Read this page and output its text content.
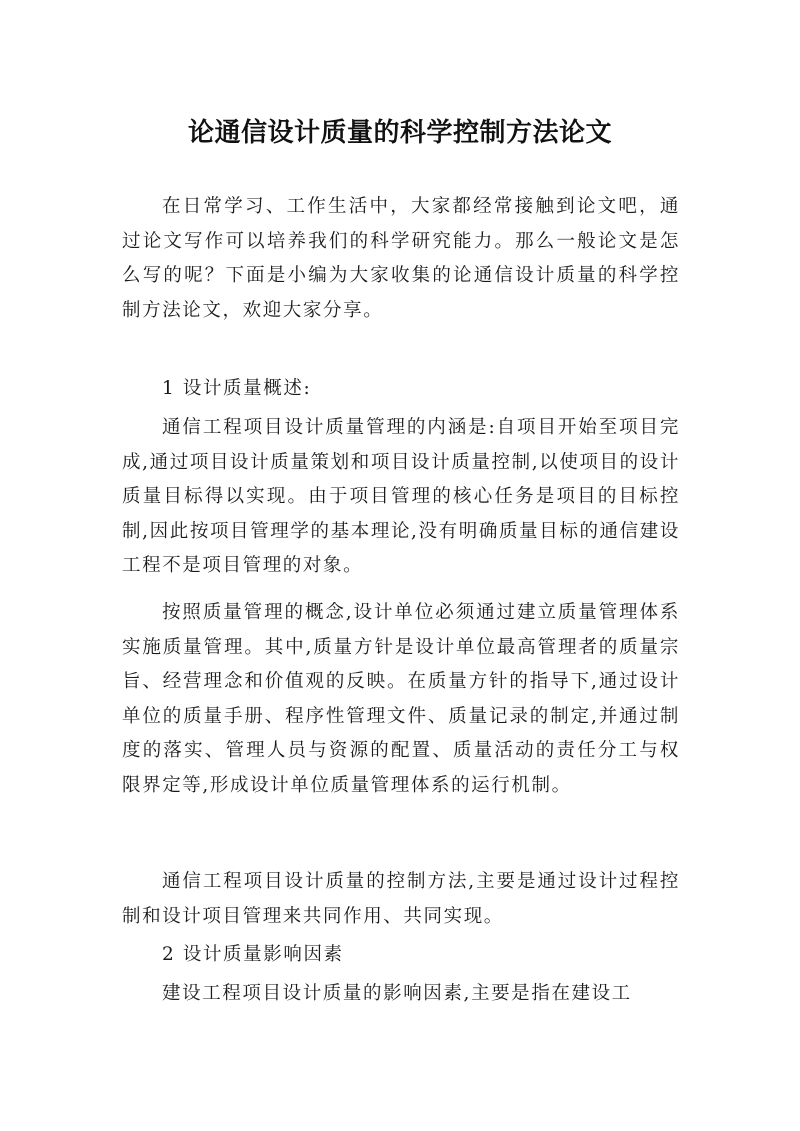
论通信设计质量的科学控制方法论文

在日常学习、工作生活中，大家都经常接触到论文吧，通过论文写作可以培养我们的科学研究能力。那么一般论文是怎么写的呢？下面是小编为大家收集的论通信设计质量的科学控制方法论文，欢迎大家分享。

1 设计质量概述:

通信工程项目设计质量管理的内涵是:自项目开始至项目完成,通过项目设计质量策划和项目设计质量控制,以使项目的设计质量目标得以实现。由于项目管理的核心任务是项目的目标控制,因此按项目管理学的基本理论,没有明确质量目标的通信建设工程不是项目管理的对象。

按照质量管理的概念,设计单位必须通过建立质量管理体系实施质量管理。其中,质量方针是设计单位最高管理者的质量宗旨、经营理念和价值观的反映。在质量方针的指导下,通过设计单位的质量手册、程序性管理文件、质量记录的制定,并通过制度的落实、管理人员与资源的配置、质量活动的责任分工与权限界定等,形成设计单位质量管理体系的运行机制。

通信工程项目设计质量的控制方法,主要是通过设计过程控制和设计项目管理来共同作用、共同实现。

2 设计质量影响因素

建设工程项目设计质量的影响因素,主要是指在建设工
